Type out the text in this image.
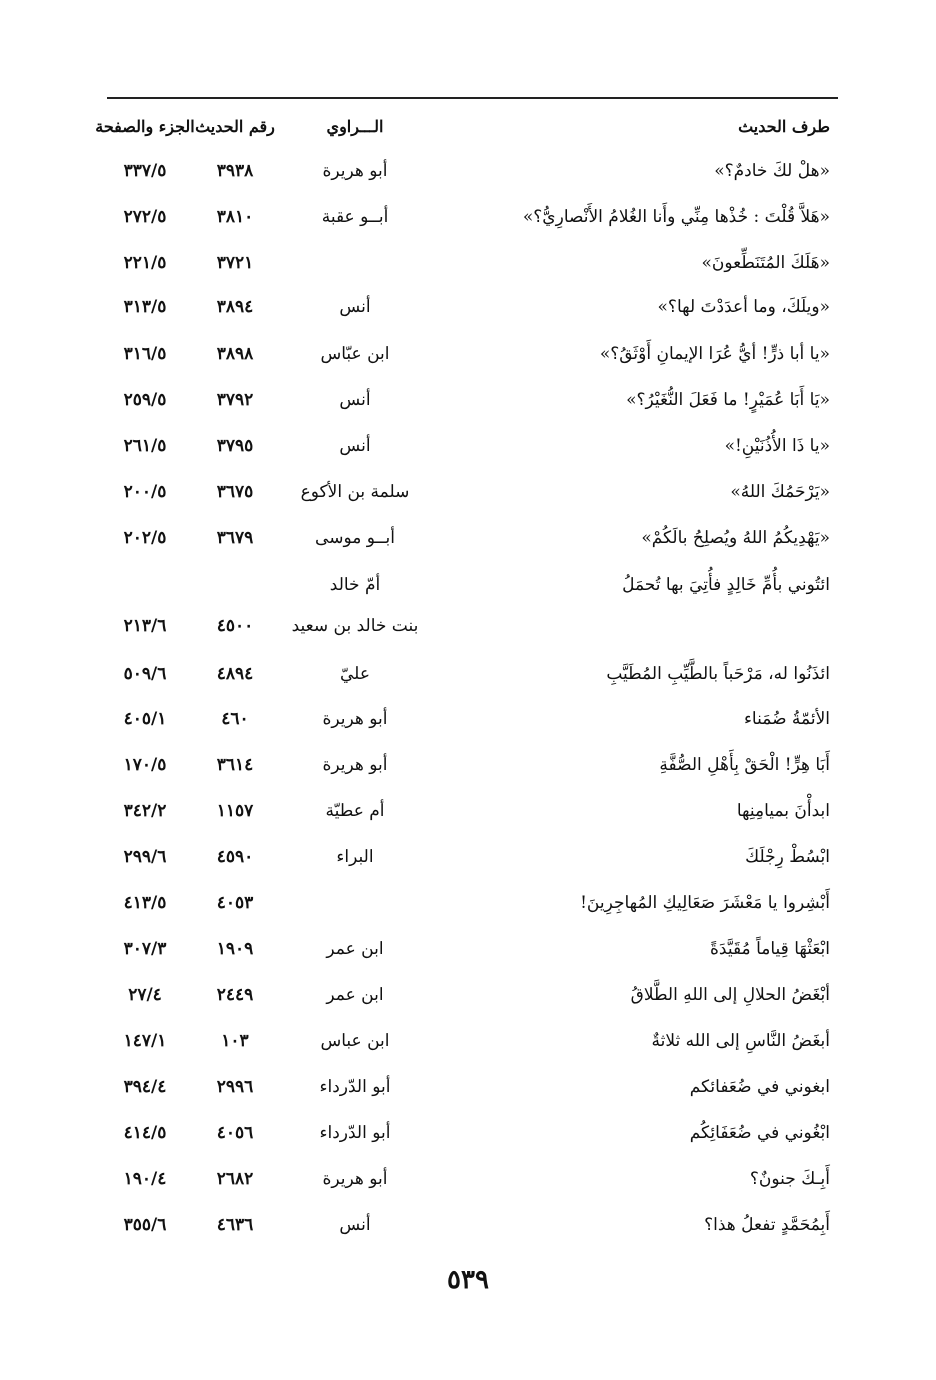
طرف الحديث
الـــراوي
رقم الحديث
الجزء والصفحة
«هلْ لكَ خادمٌ؟»
أبو هريرة
٣٩٣٨
٣٣٧/٥
«هَلاَّ قُلْتَ : خُذْها مِنِّي وأَنا الغُلامُ الأَنْصارِيُّ؟»
أبــو عقبة
٣٨١٠
٢٧٢/٥
«هَلَكَ المُتَنَطِّعونَ»
٣٧٢١
٢٢١/٥
«ويلَكَ، وما أعدَدْتَ لها؟»
أنس
٣٨٩٤
٣١٣/٥
«يا أبا ذرٍّ! أيُّ عُرَا الإيمانِ أَوْثَقُ؟»
ابن عبّاس
٣٨٩٨
٣١٦/٥
«يَا أَبَا عُمَيْرٍ! ما فَعَلَ النُّغَيْرُ؟»
أنس
٣٧٩٢
٢٥٩/٥
«يا ذَا الأُذُنَيْنِ!»
أنس
٣٧٩٥
٢٦١/٥
«يَرْحَمُكَ اللهُ»
سلمة بن الأكوع
٣٦٧٥
٢٠٠/٥
«يَهْدِيكُمُ اللهُ ويُصلِحُ بالَكُمْ»
أبــو موسى
٣٦٧٩
٢٠٢/٥
ائتُوني بأُمِّ خَالِدٍ فأُتِيَ بها تُحمَلُ
أمّ خالد
بنت خالد بن سعيد
٤٥٠٠
٢١٣/٦
ائذَنُوا له، مَرْحَباً بالطَّيِّبِ المُطَيَّبِ
عليّ
٤٨٩٤
٥٠٩/٦
الأئمّةُ ضُمَناء
أبو هريرة
٤٦٠
٤٠٥/١
أَبَا هِرٍّ! الْحَقْ بِأَهْلِ الصُّفَّةِ
أبو هريرة
٣٦١٤
١٧٠/٥
ابدأْنَ بميامِنِها
أم عطيّة
١١٥٧
٣٤٢/٢
ابْسُطْ رِجْلَكَ
البراء
٤٥٩٠
٢٩٩/٦
أَبْشِروا يا مَعْشَرَ صَعَالِيكِ المُهاجِرِينَ!
٤٠٥٣
٤١٣/٥
ابْعَثْهَا قِياماً مُقَيَّدَةً
ابن عمر
١٩٠٩
٣٠٧/٣
أبْغَضُ الحلالِ إلى اللهِ الطَّلاقُ
ابن عمر
٢٤٤٩
٢٧/٤
أبغَضُ النَّاسِ إلى الله ثلاثةٌ
ابن عباس
١٠٣
١٤٧/١
ابغوني في ضُعَفائكم
أبو الدّرداء
٢٩٩٦
٣٩٤/٤
ابْغُوني في ضُعَفَائِكُم
أبو الدّرداء
٤٠٥٦
٤١٤/٥
أَبِـكَ جنونٌ؟
أبو هريرة
٢٦٨٢
١٩٠/٤
أَبِمُحَمَّدٍ تفعلُ هذا؟
أنس
٤٦٣٦
٣٥٥/٦
٥٣٩
